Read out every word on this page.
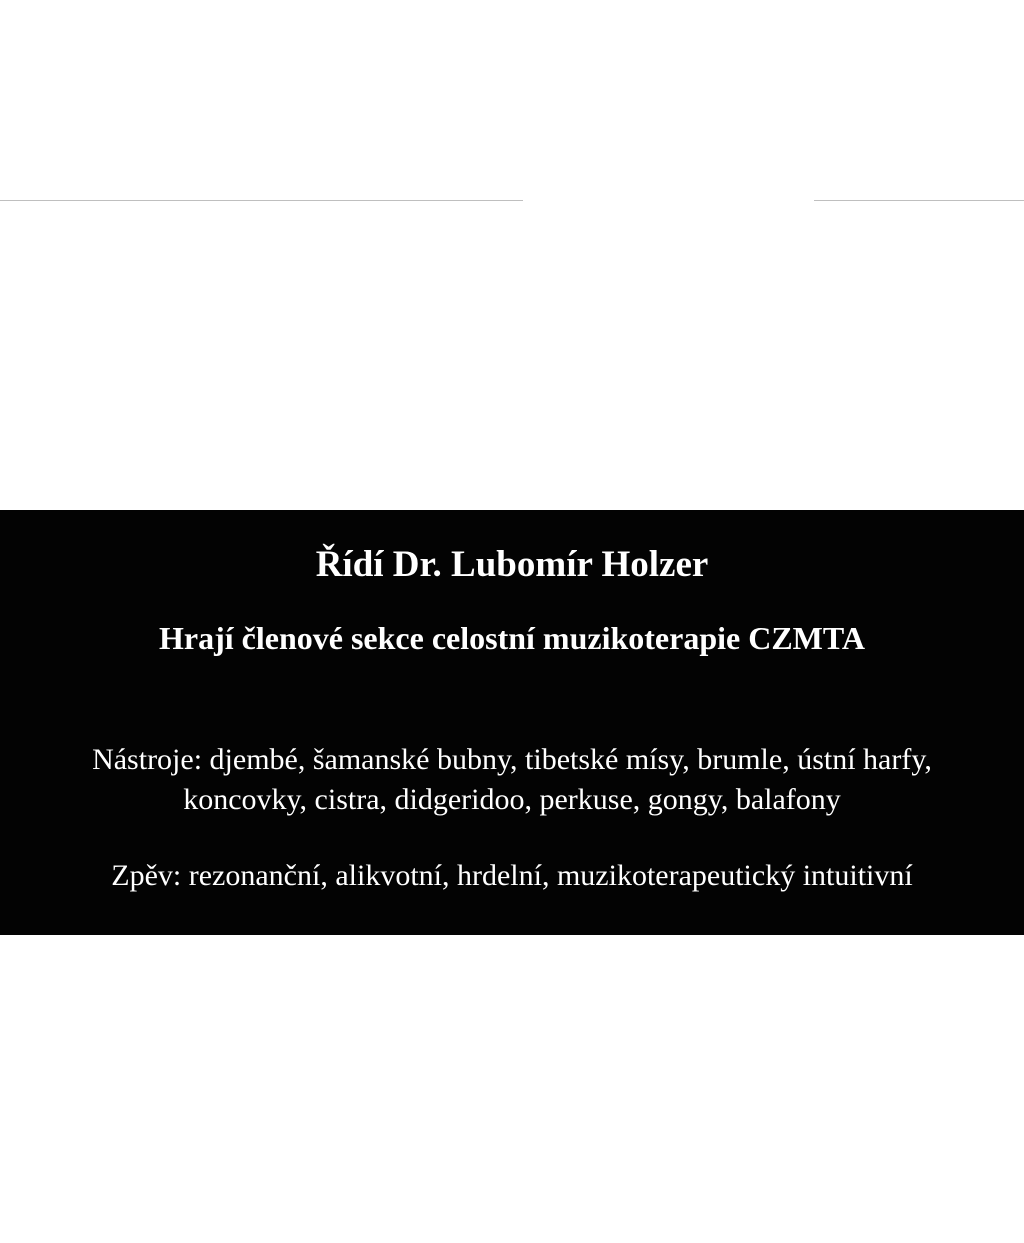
Řídí Dr. Lubomír Holzer
Hrají členové sekce celostní muzikoterapie CZMTA

Nástroje: djembé, šamanské bubny, tibetské mísy, brumle, ústní harfy,
koncovky, cistra, didgeridoo, perkuse, gongy, balafony

Zpěv: rezonanční, alikvotní, hrdelní, muzikoterapeutický intuitivní
